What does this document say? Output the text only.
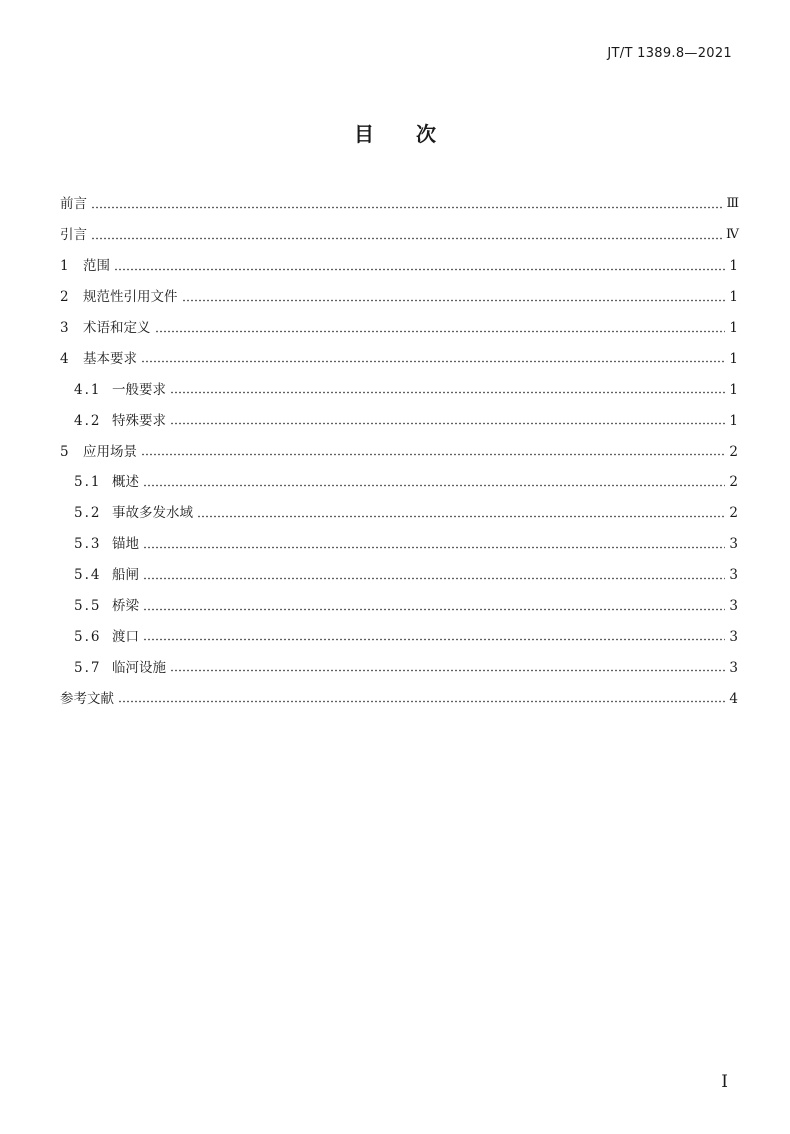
JT/T 1389.8—2021
目次
前言	Ⅲ
引言	Ⅳ
1	范围	1
2	规范性引用文件	1
3	术语和定义	1
4	基本要求	1
4.1 一般要求	1
4.2 特殊要求	1
5	应用场景	2
5.1 概述	2
5.2 事故多发水域	2
5.3 锚地	3
5.4 船闸	3
5.5 桥梁	3
5.6 渡口	3
5.7 临河设施	3
参考文献	4
I
